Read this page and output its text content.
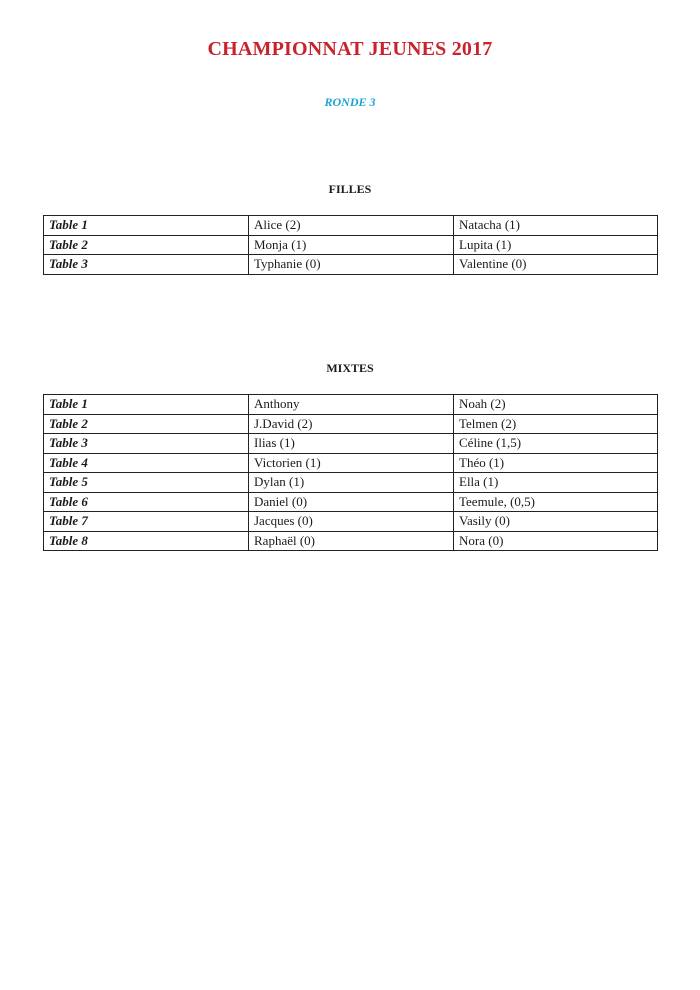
CHAMPIONNAT JEUNES 2017
RONDE 3
FILLES
Table 1	Alice (2)	Natacha (1)
Table 2	Monja (1)	Lupita (1)
Table 3	Typhanie (0)	Valentine (0)
MIXTES
Table 1	Anthony	Noah (2)
Table 2	J.David (2)	Telmen (2)
Table 3	Ilias (1)	Céline (1,5)
Table 4	Victorien (1)	Théo (1)
Table 5	Dylan (1)	Ella (1)
Table 6	Daniel (0)	Teemule, (0,5)
Table 7	Jacques (0)	Vasily (0)
Table 8	Raphaël (0)	Nora (0)
